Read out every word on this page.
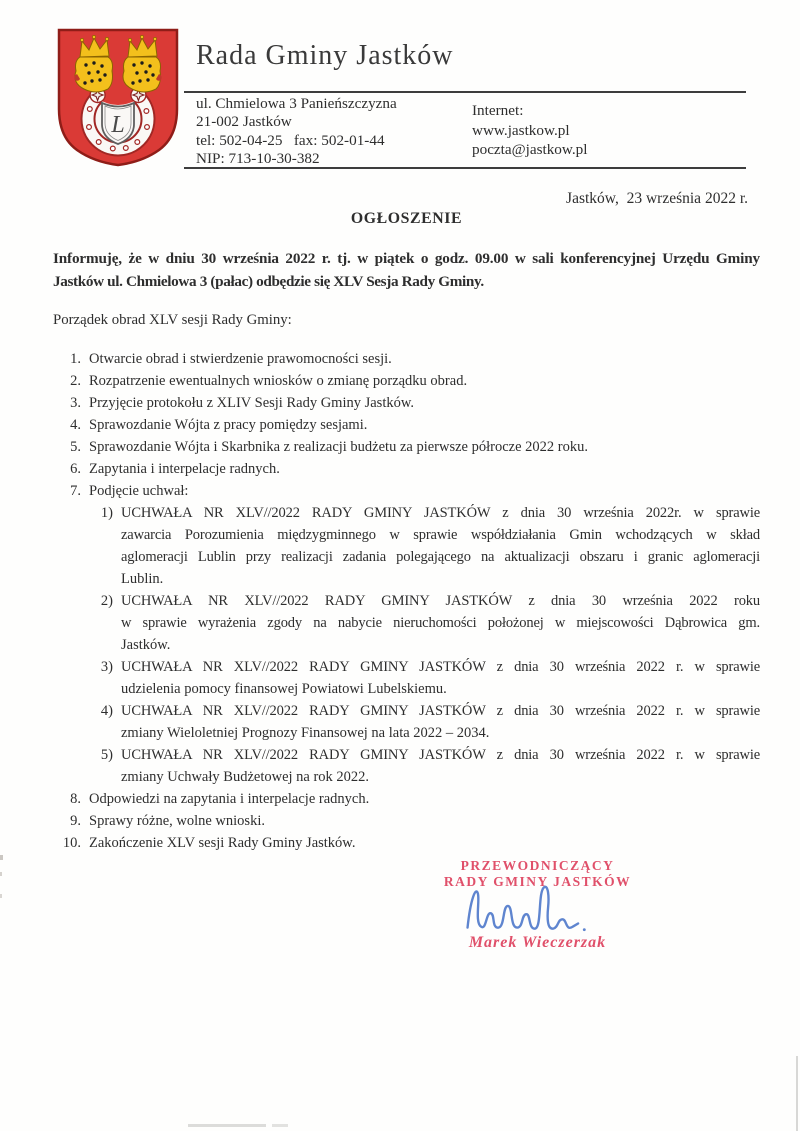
L
Rada Gminy Jastków
ul. Chmielowa 3 Panieńszczyzna
21-002 Jastków
tel: 502-04-25   fax: 502-01-44
NIP: 713-10-30-382
Internet:
www.jastkow.pl
poczta@jastkow.pl
Jastków,  23 września 2022 r.
OGŁOSZENIE
Informuję, że w dniu 30 września 2022 r. tj. w piątek o godz. 09.00 w sali konferencyjnej Urzędu Gminy
Jastków ul. Chmielowa 3 (pałac) odbędzie się XLV Sesja Rady Gminy.
Porządek obrad XLV sesji Rady Gminy:
1. Otwarcie obrad i stwierdzenie prawomocności sesji.
2. Rozpatrzenie ewentualnych wniosków o zmianę porządku obrad.
3. Przyjęcie protokołu z XLIV Sesji Rady Gminy Jastków.
4. Sprawozdanie Wójta z pracy pomiędzy sesjami.
5. Sprawozdanie Wójta i Skarbnika z realizacji budżetu za pierwsze półrocze 2022 roku.
6. Zapytania i interpelacje radnych.
7. Podjęcie uchwał:
1) UCHWAŁA NR XLV//2022 RADY GMINY JASTKÓW z dnia 30 września 2022r. w sprawie
zawarcia Porozumienia międzygminnego w sprawie współdziałania Gmin wchodzących w skład
aglomeracji Lublin przy realizacji zadania polegającego na aktualizacji obszaru i granic aglomeracji
Lublin.
2) UCHWAŁA NR XLV//2022 RADY GMINY JASTKÓW z dnia 30 września 2022 roku
w sprawie wyrażenia zgody na nabycie nieruchomości położonej w miejscowości Dąbrowica gm.
Jastków.
3) UCHWAŁA NR XLV//2022 RADY GMINY JASTKÓW z dnia 30 września 2022 r. w sprawie
udzielenia pomocy finansowej Powiatowi Lubelskiemu.
4) UCHWAŁA NR XLV//2022 RADY GMINY JASTKÓW z dnia 30 września 2022 r. w sprawie
zmiany Wieloletniej Prognozy Finansowej na lata 2022 – 2034.
5) UCHWAŁA NR XLV//2022 RADY GMINY JASTKÓW z dnia 30 września 2022 r. w sprawie
zmiany Uchwały Budżetowej na rok 2022.
8. Odpowiedzi na zapytania i interpelacje radnych.
9. Sprawy różne, wolne wnioski.
10. Zakończenie XLV sesji Rady Gminy Jastków.
PRZEWODNICZĄCY
RADY GMINY JASTKÓW
Marek Wieczerzak
